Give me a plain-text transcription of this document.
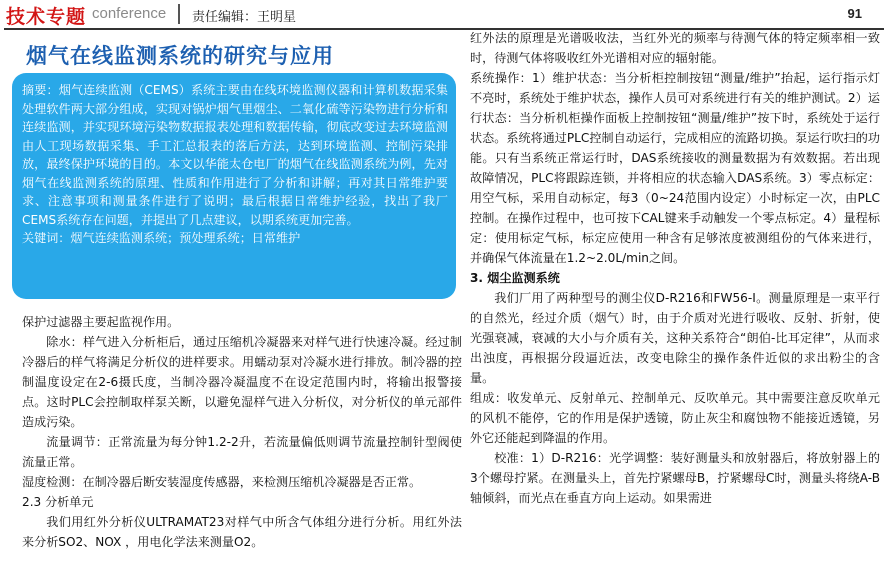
技术专题 conference 责任编辑：王明星	91
烟气在线监测系统的研究与应用

摘要：烟气连续监测（CEMS）系统主要由在线环境监测仪器和计算机数据采集处理软件两大部分组成，实现对锅炉烟气里烟尘、二氧化硫等污染物进行分析和连续监测，并实现环境污染物数据报表处理和数据传输，彻底改变过去环境监测由人工现场数据采集、手工汇总报表的落后方法，达到环境监测、控制污染排放，最终保护环境的目的。本文以华能太仓电厂的烟气在线监测系统为例，先对烟气在线监测系统的原理、性质和作用进行了分析和讲解；再对其日常维护要求、注意事项和测量条件进行了说明；最后根据日常维护经验，找出了我厂CEMS系统存在问题，并提出了几点建议，以期系统更加完善。

关键词：烟气连续监测系统；预处理系统；日常维护

保护过滤器主要起监视作用。

除水：样气进入分析柜后，通过压缩机冷凝器来对样气进行快速冷凝。经过制冷器后的样气将满足分析仪的进样要求。用蠕动泵对冷凝水进行排放。制冷器的控制温度设定在2-6摄氏度，当制冷器冷凝温度不在设定范围内时，将输出报警接点。这时PLC会控制取样泵关断，以避免湿样气进入分析仪，对分析仪的单元部件造成污染。

流量调节：正常流量为每分钟1.2-2升，若流量偏低则调节流量控制针型阀使流量正常。

湿度检测：在制冷器后断安装湿度传感器，来检测压缩机冷凝器是否正常。

2.3 分析单元

我们用红外分析仪ULTRAMAT23对样气中所含气体组分进行分析。用红外法来分析SO2、NOX ，用电化学法来测量O2。

红外法的原理是光谱吸收法，当红外光的频率与待测气体的特定频率相一致时，待测气体将吸收红外光谱相对应的辐射能。

系统操作：1）维护状态：当分析柜控制按钮“测量/维护”抬起，运行指示灯不亮时，系统处于维护状态，操作人员可对系统进行有关的维护测试。2）运行状态：当分析机柜操作面板上控制按钮“测量/维护”按下时，系统处于运行状态。系统将通过PLC控制自动运行，完成相应的流路切换。泵运行吹扫的功能。只有当系统正常运行时，DAS系统接收的测量数据为有效数据。若出现故障情况，PLC将跟踪连锁，并将相应的状态输入DAS系统。3）零点标定：用空气标，采用自动标定，每3（0~24范围内设定）小时标定一次，由PLC控制。在操作过程中，也可按下CAL键来手动触发一个零点标定。4）量程标定：使用标定气标，标定应使用一种含有足够浓度被测组份的气体来进行，并确保气体流量在1.2~2.0L/min之间。

3. 烟尘监测系统

我们厂用了两种型号的测尘仪D-R216和FW56-I。测量原理是一束平行的自然光，经过介质（烟气）时，由于介质对光进行吸收、反射、折射，使光强衰减，衰减的大小与介质有关，这种关系符合“朗伯-比耳定律”，从而求出浊度，再根据分段逼近法，改变电除尘的操作条件近似的求出粉尘的含量。

组成：收发单元、反射单元、控制单元、反吹单元。其中需要注意反吹单元的风机不能停，它的作用是保护透镜，防止灰尘和腐蚀物不能接近透镜，另外它还能起到降温的作用。

校准：1）D-R216：光学调整：装好测量头和放射器后，将放射器上的3个螺母拧紧。在测量头上，首先拧紧螺母B，拧紧螺母C时，测量头将绕A-B轴倾斜，而光点在垂直方向上运动。如果需进
